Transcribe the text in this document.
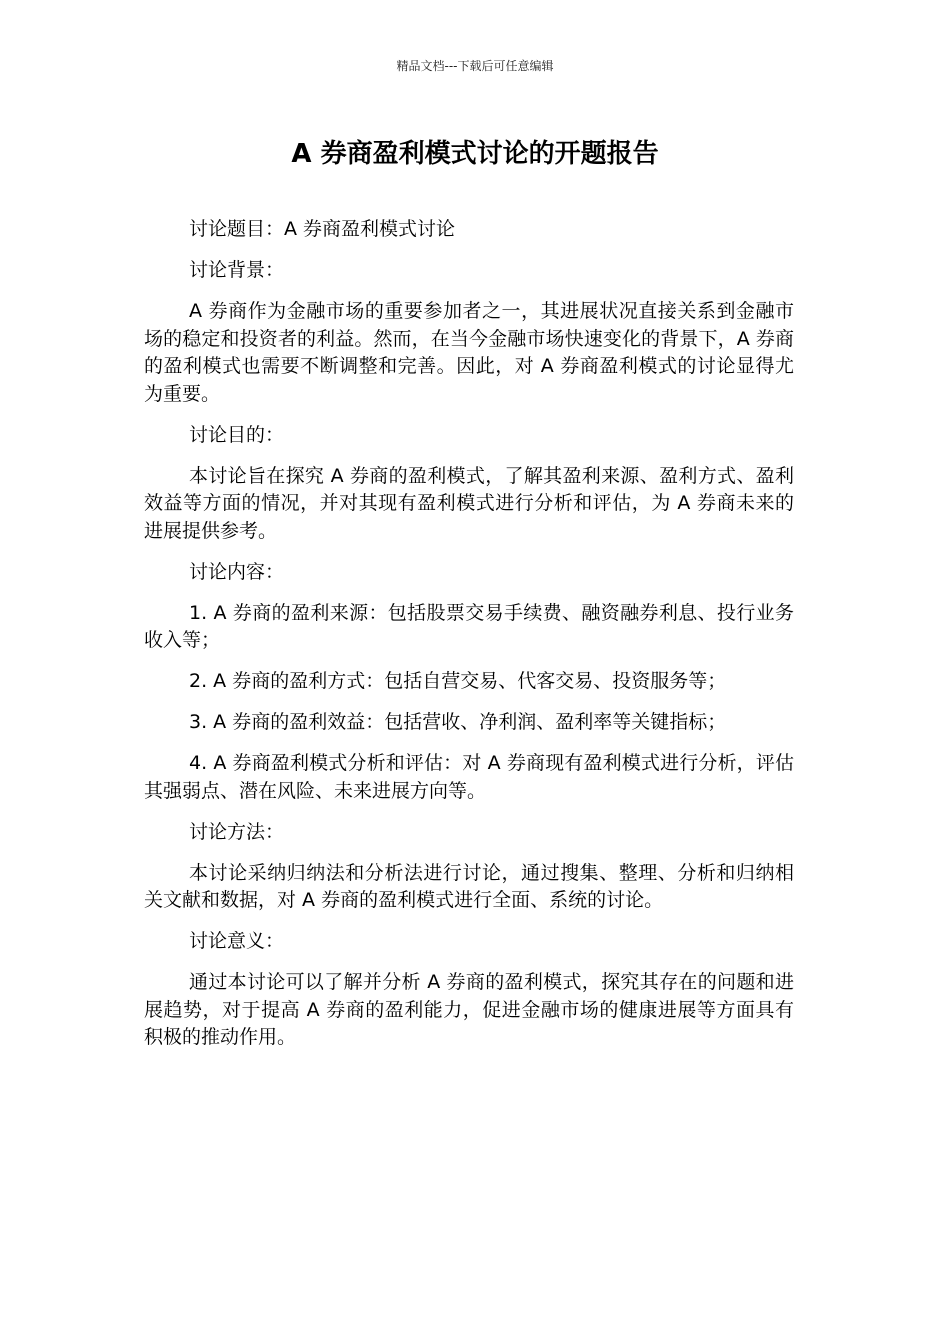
精品文档---下载后可任意编辑
A 券商盈利模式讨论的开题报告

讨论题目：A 券商盈利模式讨论

讨论背景：

A 券商作为金融市场的重要参加者之一，其进展状况直接关系到金融市场的稳定和投资者的利益。然而，在当今金融市场快速变化的背景下，A 券商的盈利模式也需要不断调整和完善。因此，对 A 券商盈利模式的讨论显得尤为重要。

讨论目的：

本讨论旨在探究 A 券商的盈利模式，了解其盈利来源、盈利方式、盈利效益等方面的情况，并对其现有盈利模式进行分析和评估，为 A 券商未来的进展提供参考。

讨论内容：

1. A 券商的盈利来源：包括股票交易手续费、融资融券利息、投行业务收入等；

2. A 券商的盈利方式：包括自营交易、代客交易、投资服务等；

3. A 券商的盈利效益：包括营收、净利润、盈利率等关键指标；

4. A 券商盈利模式分析和评估：对 A 券商现有盈利模式进行分析，评估其强弱点、潜在风险、未来进展方向等。

讨论方法：

本讨论采纳归纳法和分析法进行讨论，通过搜集、整理、分析和归纳相关文献和数据，对 A 券商的盈利模式进行全面、系统的讨论。

讨论意义：

通过本讨论可以了解并分析 A 券商的盈利模式，探究其存在的问题和进展趋势，对于提高 A 券商的盈利能力，促进金融市场的健康进展等方面具有积极的推动作用。
